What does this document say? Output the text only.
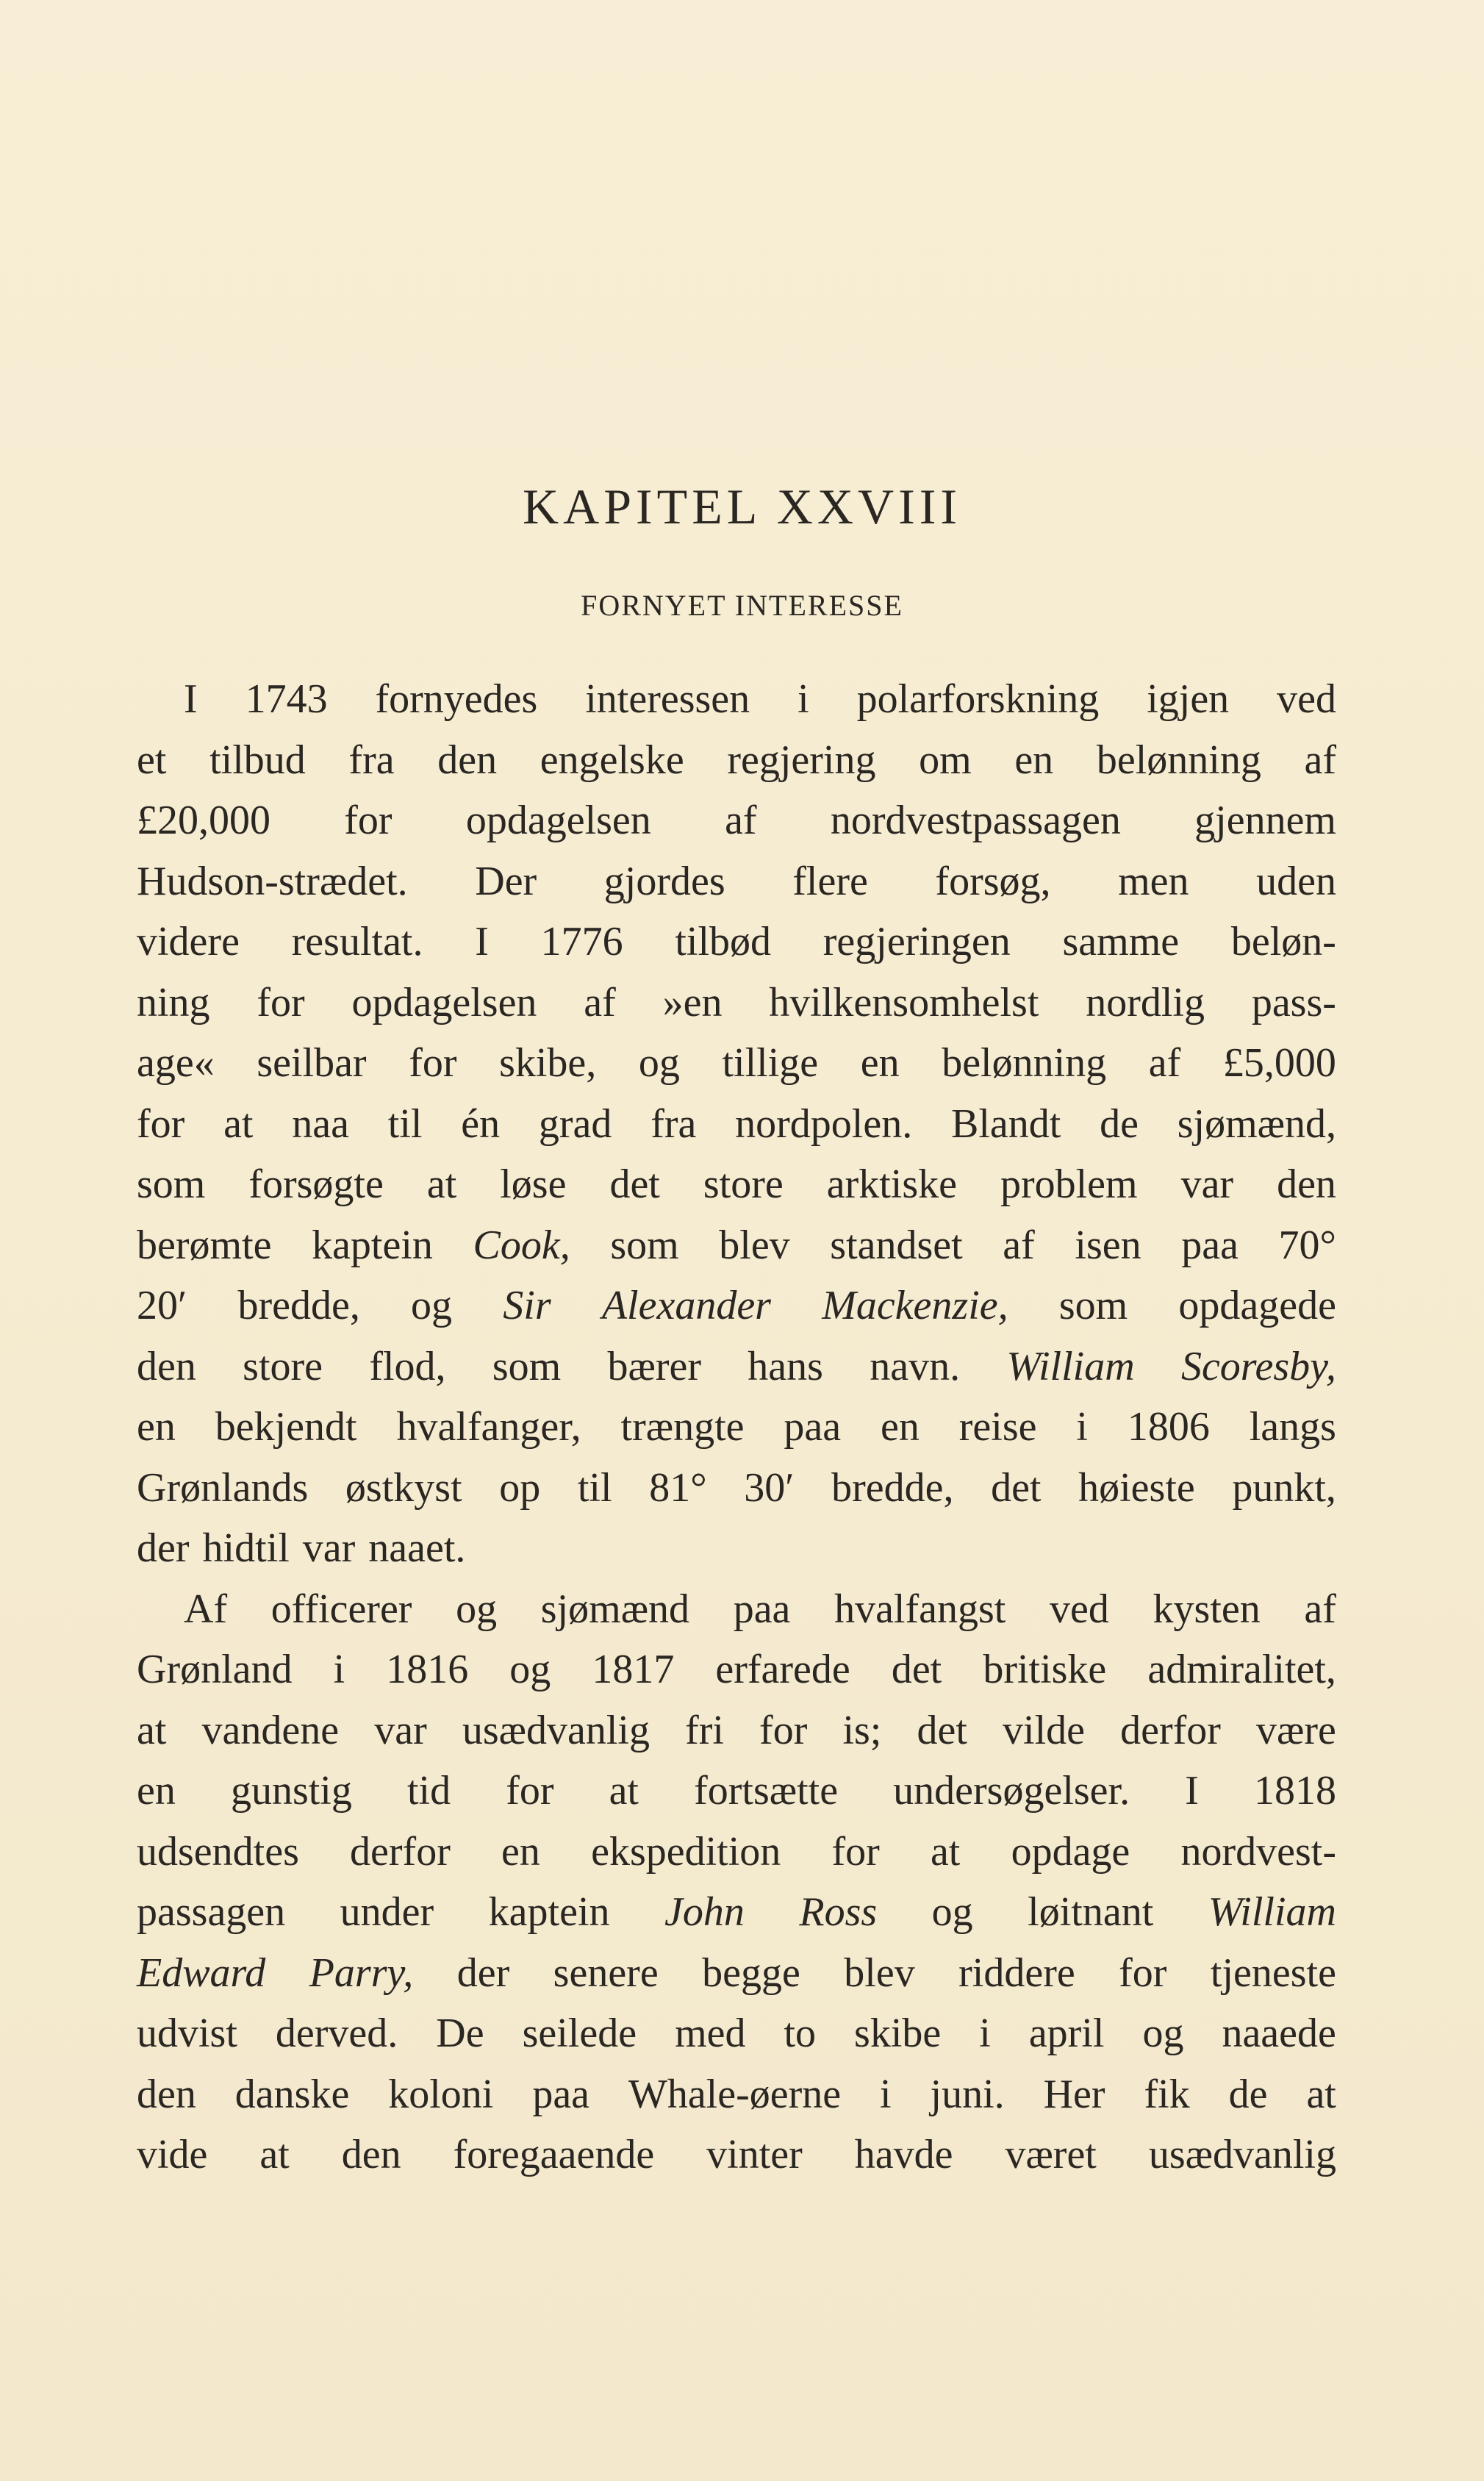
KAPITEL XXVIII
FORNYET INTERESSE
I 1743 fornyedes interessen i polarforskning igjen ved
et tilbud fra den engelske regjering om en belønning af
£20,000 for opdagelsen af nordvestpassagen gjennem
Hudson-strædet. Der gjordes flere forsøg, men uden
videre resultat. I 1776 tilbød regjeringen samme beløn-
ning for opdagelsen af »en hvilkensomhelst nordlig pass-
age« seilbar for skibe, og tillige en belønning af £5,000
for at naa til én grad fra nordpolen. Blandt de sjømænd,
som forsøgte at løse det store arktiske problem var den
berømte kaptein Cook, som blev standset af isen paa 70°
20′ bredde, og Sir Alexander Mackenzie, som opdagede
den store flod, som bærer hans navn. William Scoresby,
en bekjendt hvalfanger, trængte paa en reise i 1806 langs
Grønlands østkyst op til 81° 30′ bredde, det høieste punkt,
der hidtil var naaet.
Af officerer og sjømænd paa hvalfangst ved kysten af
Grønland i 1816 og 1817 erfarede det britiske admiralitet,
at vandene var usædvanlig fri for is; det vilde derfor være
en gunstig tid for at fortsætte undersøgelser. I 1818
udsendtes derfor en ekspedition for at opdage nordvest-
passagen under kaptein John Ross og løitnant William
Edward Parry, der senere begge blev riddere for tjeneste
udvist derved. De seilede med to skibe i april og naaede
den danske koloni paa Whale-øerne i juni. Her fik de at
vide at den foregaaende vinter havde været usædvanlig
